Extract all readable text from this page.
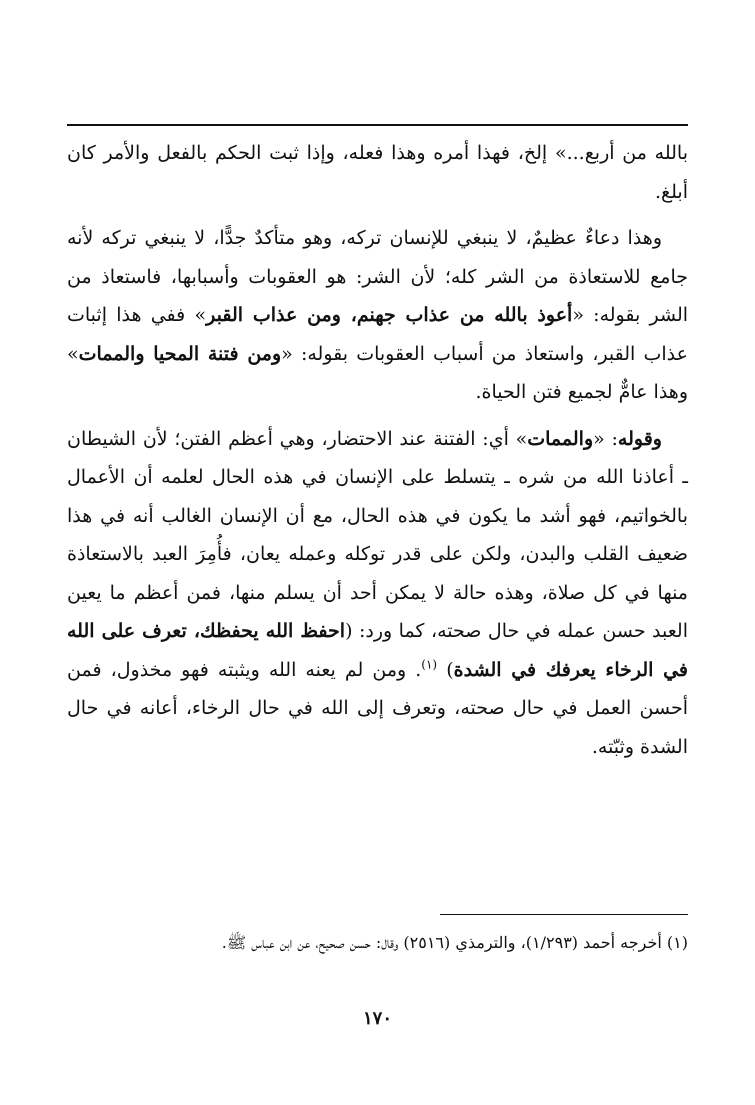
بالله من أربع...» إلخ، فهذا أمره وهذا فعله، وإذا ثبت الحكم بالفعل والأمر كان أبلغ.

وهذا دعاءٌ عظيمٌ، لا ينبغي للإنسان تركه، وهو متأكدٌ جدًّا، لا ينبغي تركه لأنه جامع للاستعاذة من الشر كله؛ لأن الشر: هو العقوبات وأسبابها، فاستعاذ من الشر بقوله: «أعوذ بالله من عذاب جهنم، ومن عذاب القبر» ففي هذا إثبات عذاب القبر، واستعاذ من أسباب العقوبات بقوله: «ومن فتنة المحيا والممات» وهذا عامٌّ لجميع فتن الحياة.

وقوله: «والممات» أي: الفتنة عند الاحتضار، وهي أعظم الفتن؛ لأن الشيطان ـ أعاذنا الله من شره ـ يتسلط على الإنسان في هذه الحال لعلمه أن الأعمال بالخواتيم، فهو أشد ما يكون في هذه الحال، مع أن الإنسان الغالب أنه في هذا ضعيف القلب والبدن، ولكن على قدر توكله وعمله يعان، فأُمِرَ العبد بالاستعاذة منها في كل صلاة، وهذه حالة لا يمكن أحد أن يسلم منها، فمن أعظم ما يعين العبد حسن عمله في حال صحته، كما ورد: (احفظ الله يحفظك، تعرف على الله في الرخاء يعرفك في الشدة) $^{(١)}$. ومن لم يعنه الله ويثبته فهو مخذول، فمن أحسن العمل في حال صحته، وتعرف إلى الله في حال الرخاء، أعانه في حال الشدة وثبّته.

(١) أخرجه أحمد (١/٢٩٣)، والترمذي (٢٥١٦) وقال: حسن صحيح، عن ابن عباس ﷺ.
١٧٠
